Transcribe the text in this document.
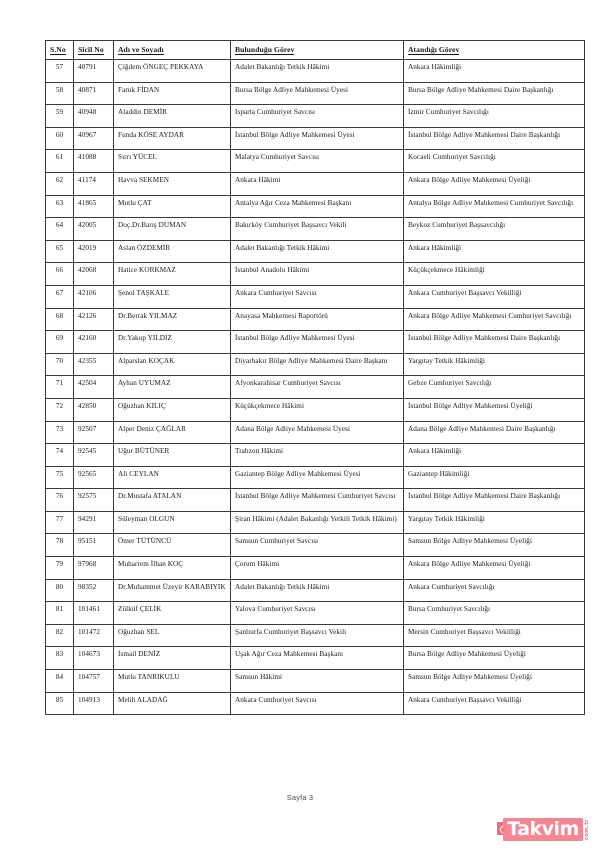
S.No	Sicil No	Adı ve Soyadı	Bulunduğu Görev	Atandığı Görev
57	40791	Çiğdem ÖNGEÇ PEKKAYA	Adalet Bakanlığı Tetkik Hâkimi	Ankara Hâkimliği
58	40871	Faruk FİDAN	Bursa Bölge Adliye Mahkemesi Üyesi	Bursa Bölge Adliye Mahkemesi Daire Başkanlığı
59	40948	Aladdin DEMİR	Isparta Cumhuriyet Savcısı	İzmir Cumhuriyet Savcılığı
60	40967	Funda KÖSE AYDAR	İstanbul Bölge Adliye Mahkemesi Üyesi	İstanbul Bölge Adliye Mahkemesi Daire Başkanlığı
61	41088	Sırrı YÜCEL	Malatya Cumhuriyet Savcısı	Kocaeli Cumhuriyet Savcılığı
62	41174	Havva SEKMEN	Ankara Hâkimi	Ankara Bölge Adliye Mahkemesi Üyeliği
63	41865	Mutlu ÇAT	Antalya Ağır Ceza Mahkemesi Başkanı	Antalya Bölge Adliye Mahkemesi Cumhuriyet Savcılığı
64	42005	Doç.Dr.Barış DUMAN	Bakırköy Cumhuriyet Başsavcı Vekili	Beykoz Cumhuriyet Başsavcılığı
65	42019	Aslan ÖZDEMİR	Adalet Bakanlığı Tetkik Hâkimi	Ankara Hâkimliği
66	42068	Hatice KORKMAZ	İstanbul Anadolu Hâkimi	Küçükçekmece Hâkimliği
67	42106	Şenol TAŞKALE	Ankara Cumhuriyet Savcısı	Ankara Cumhuriyet Başsavcı Vekilliği
68	42126	Dr.Berrak YILMAZ	Anayasa Mahkemesi Raportörü	Ankara Bölge Adliye Mahkemesi Cumhuriyet Savcılığı
69	42160	Dr.Yakup YILDIZ	İstanbul Bölge Adliye Mahkemesi Üyesi	İstanbul Bölge Adliye Mahkemesi Daire Başkanlığı
70	42355	Alparslan KOÇAK	Diyarbakır Bölge Adliye Mahkemesi Daire Başkanı	Yargıtay Tetkik Hâkimliği
71	42504	Ayhan UYUMAZ	Afyonkarahisar Cumhuriyet Savcısı	Gebze Cumhuriyet Savcılığı
72	42850	Oğuzhan KILIÇ	Küçükçekmece Hâkimi	İstanbul Bölge Adliye Mahkemesi Üyeliği
73	92507	Alper Deniz ÇAĞLAR	Adana Bölge Adliye Mahkemesi Üyesi	Adana Bölge Adliye Mahkemesi Daire Başkanlığı
74	92545	Uğur BÜTÜNER	Trabzon Hâkimi	Ankara Hâkimliği
75	92565	Ali CEYLAN	Gaziantep Bölge Adliye Mahkemesi Üyesi	Gaziantep Hâkimliği
76	92575	Dr.Mustafa ATALAN	İstanbul Bölge Adliye Mahkemesi Cumhuriyet Savcısı	İstanbul Bölge Adliye Mahkemesi Daire Başkanlığı
77	94291	Süleyman OLGUN	Şiran Hâkimi (Adalet Bakanlığı Yetkili Tetkik Hâkimi)	Yargıtay Tetkik Hâkimliği
78	95151	Ömer TÜTÜNCÜ	Samsun Cumhuriyet Savcısı	Samsun Bölge Adliye Mahkemesi Üyeliği
79	97968	Muharrem İlhan KOÇ	Çorum Hâkimi	Ankara Bölge Adliye Mahkemesi Üyeliği
80	98352	Dr.Muhammet Üzeyir KARABIYIK	Adalet Bakanlığı Tetkik Hâkimi	Ankara Cumhuriyet Savcılığı
81	101461	Zülküf ÇELİK	Yalova Cumhuriyet Savcısı	Bursa Cumhuriyet Savcılığı
82	101472	Oğuzhan SEL	Şanlıurfa Cumhuriyet Başsavcı Vekili	Mersin Cumhuriyet Başsavcı Vekilliği
83	104673	İsmail DENİZ	Uşak Ağır Ceza Mahkemesi Başkanı	Bursa Bölge Adliye Mahkemesi Üyeliği
84	104757	Mutlu TANRIKULU	Samsun Hâkimi	Samsun Bölge Adliye Mahkemesi Üyeliği
85	104913	Melih ALADAĞ	Ankara Cumhuriyet Savcısı	Ankara Cumhuriyet Başsavcı Vekilliği
Sayfa 3
Takvim com.tr
